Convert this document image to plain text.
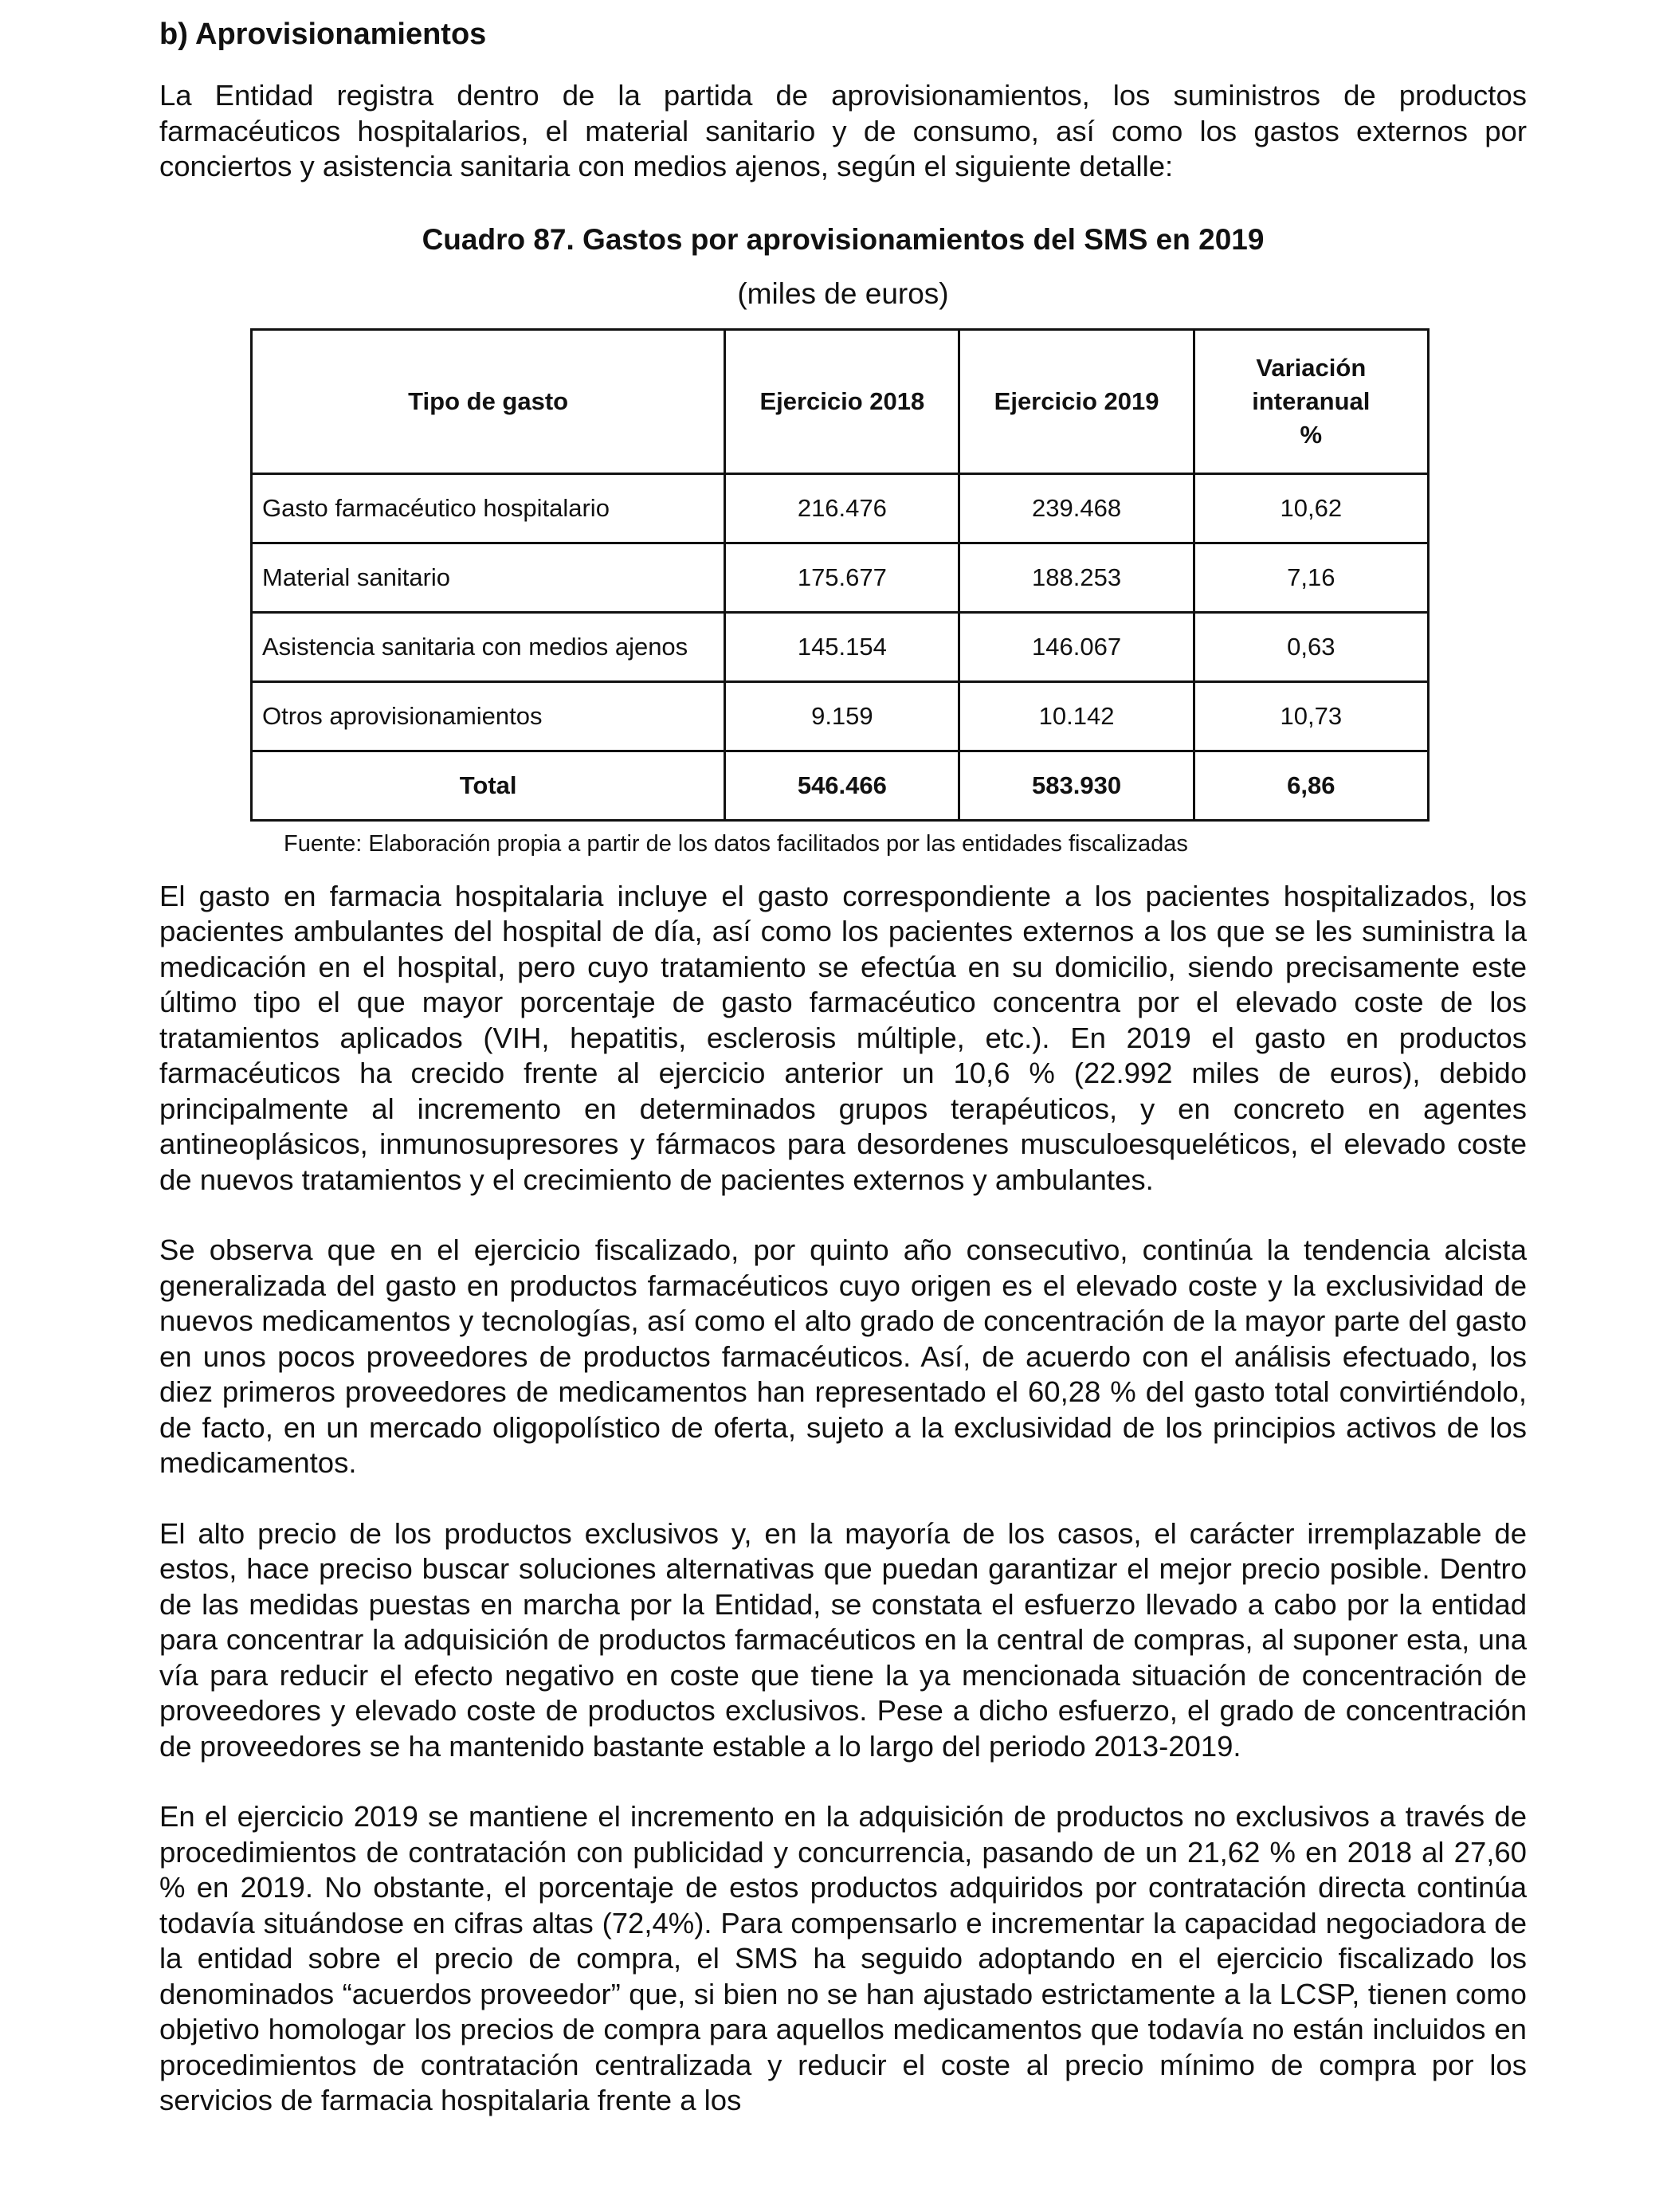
b) Aprovisionamientos

La Entidad registra dentro de la partida de aprovisionamientos, los suministros de productos farmacéuticos hospitalarios, el material sanitario y de consumo, así como los gastos externos por conciertos y asistencia sanitaria con medios ajenos, según el siguiente detalle:

Cuadro 87. Gastos por aprovisionamientos del SMS en 2019
(miles de euros)
Tipo de gasto	Ejercicio 2018	Ejercicio 2019	Variación
interanual
%
Gasto farmacéutico hospitalario	216.476	239.468	10,62
Material sanitario	175.677	188.253	7,16
Asistencia sanitaria con medios ajenos	145.154	146.067	0,63
Otros aprovisionamientos	9.159	10.142	10,73
Total	546.466	583.930	6,86
Fuente: Elaboración propia a partir de los datos facilitados por las entidades fiscalizadas

El gasto en farmacia hospitalaria incluye el gasto correspondiente a los pacientes hospitalizados, los pacientes ambulantes del hospital de día, así como los pacientes externos a los que se les suministra la medicación en el hospital, pero cuyo tratamiento se efectúa en su domicilio, siendo precisamente este último tipo el que mayor porcentaje de gasto farmacéutico concentra por el elevado coste de los tratamientos aplicados (VIH, hepatitis, esclerosis múltiple, etc.). En 2019 el gasto en productos farmacéuticos ha crecido frente al ejercicio anterior un 10,6 % (22.992 miles de euros), debido principalmente al incremento en determinados grupos terapéuticos, y en concreto en agentes antineoplásicos, inmunosupresores y fármacos para desordenes musculoesqueléticos, el elevado coste de nuevos tratamientos y el crecimiento de pacientes externos y ambulantes.

Se observa que en el ejercicio fiscalizado, por quinto año consecutivo, continúa la tendencia alcista generalizada del gasto en productos farmacéuticos cuyo origen es el elevado coste y la exclusividad de nuevos medicamentos y tecnologías, así como el alto grado de concentración de la mayor parte del gasto en unos pocos proveedores de productos farmacéuticos. Así, de acuerdo con el análisis efectuado, los diez primeros proveedores de medicamentos han representado el 60,28 % del gasto total convirtiéndolo, de facto, en un mercado oligopolístico de oferta, sujeto a la exclusividad de los principios activos de los medicamentos.

El alto precio de los productos exclusivos y, en la mayoría de los casos, el carácter irremplazable de estos, hace preciso buscar soluciones alternativas que puedan garantizar el mejor precio posible. Dentro de las medidas puestas en marcha por la Entidad, se constata el esfuerzo llevado a cabo por la entidad para concentrar la adquisición de productos farmacéuticos en la central de compras, al suponer esta, una vía para reducir el efecto negativo en coste que tiene la ya mencionada situación de concentración de proveedores y elevado coste de productos exclusivos. Pese a dicho esfuerzo, el grado de concentración de proveedores se ha mantenido bastante estable a lo largo del periodo 2013-2019.

En el ejercicio 2019 se mantiene el incremento en la adquisición de productos no exclusivos a través de procedimientos de contratación con publicidad y concurrencia, pasando de un 21,62 % en 2018 al 27,60 % en 2019. No obstante, el porcentaje de estos productos adquiridos por contratación directa continúa todavía situándose en cifras altas (72,4%). Para compensarlo e incrementar la capacidad negociadora de la entidad sobre el precio de compra, el SMS ha seguido adoptando en el ejercicio fiscalizado los denominados “acuerdos proveedor” que, si bien no se han ajustado estrictamente a la LCSP, tienen como objetivo homologar los precios de compra para aquellos medicamentos que todavía no están incluidos en procedimientos de contratación centralizada y reducir el coste al precio mínimo de compra por los servicios de farmacia hospitalaria frente a los
